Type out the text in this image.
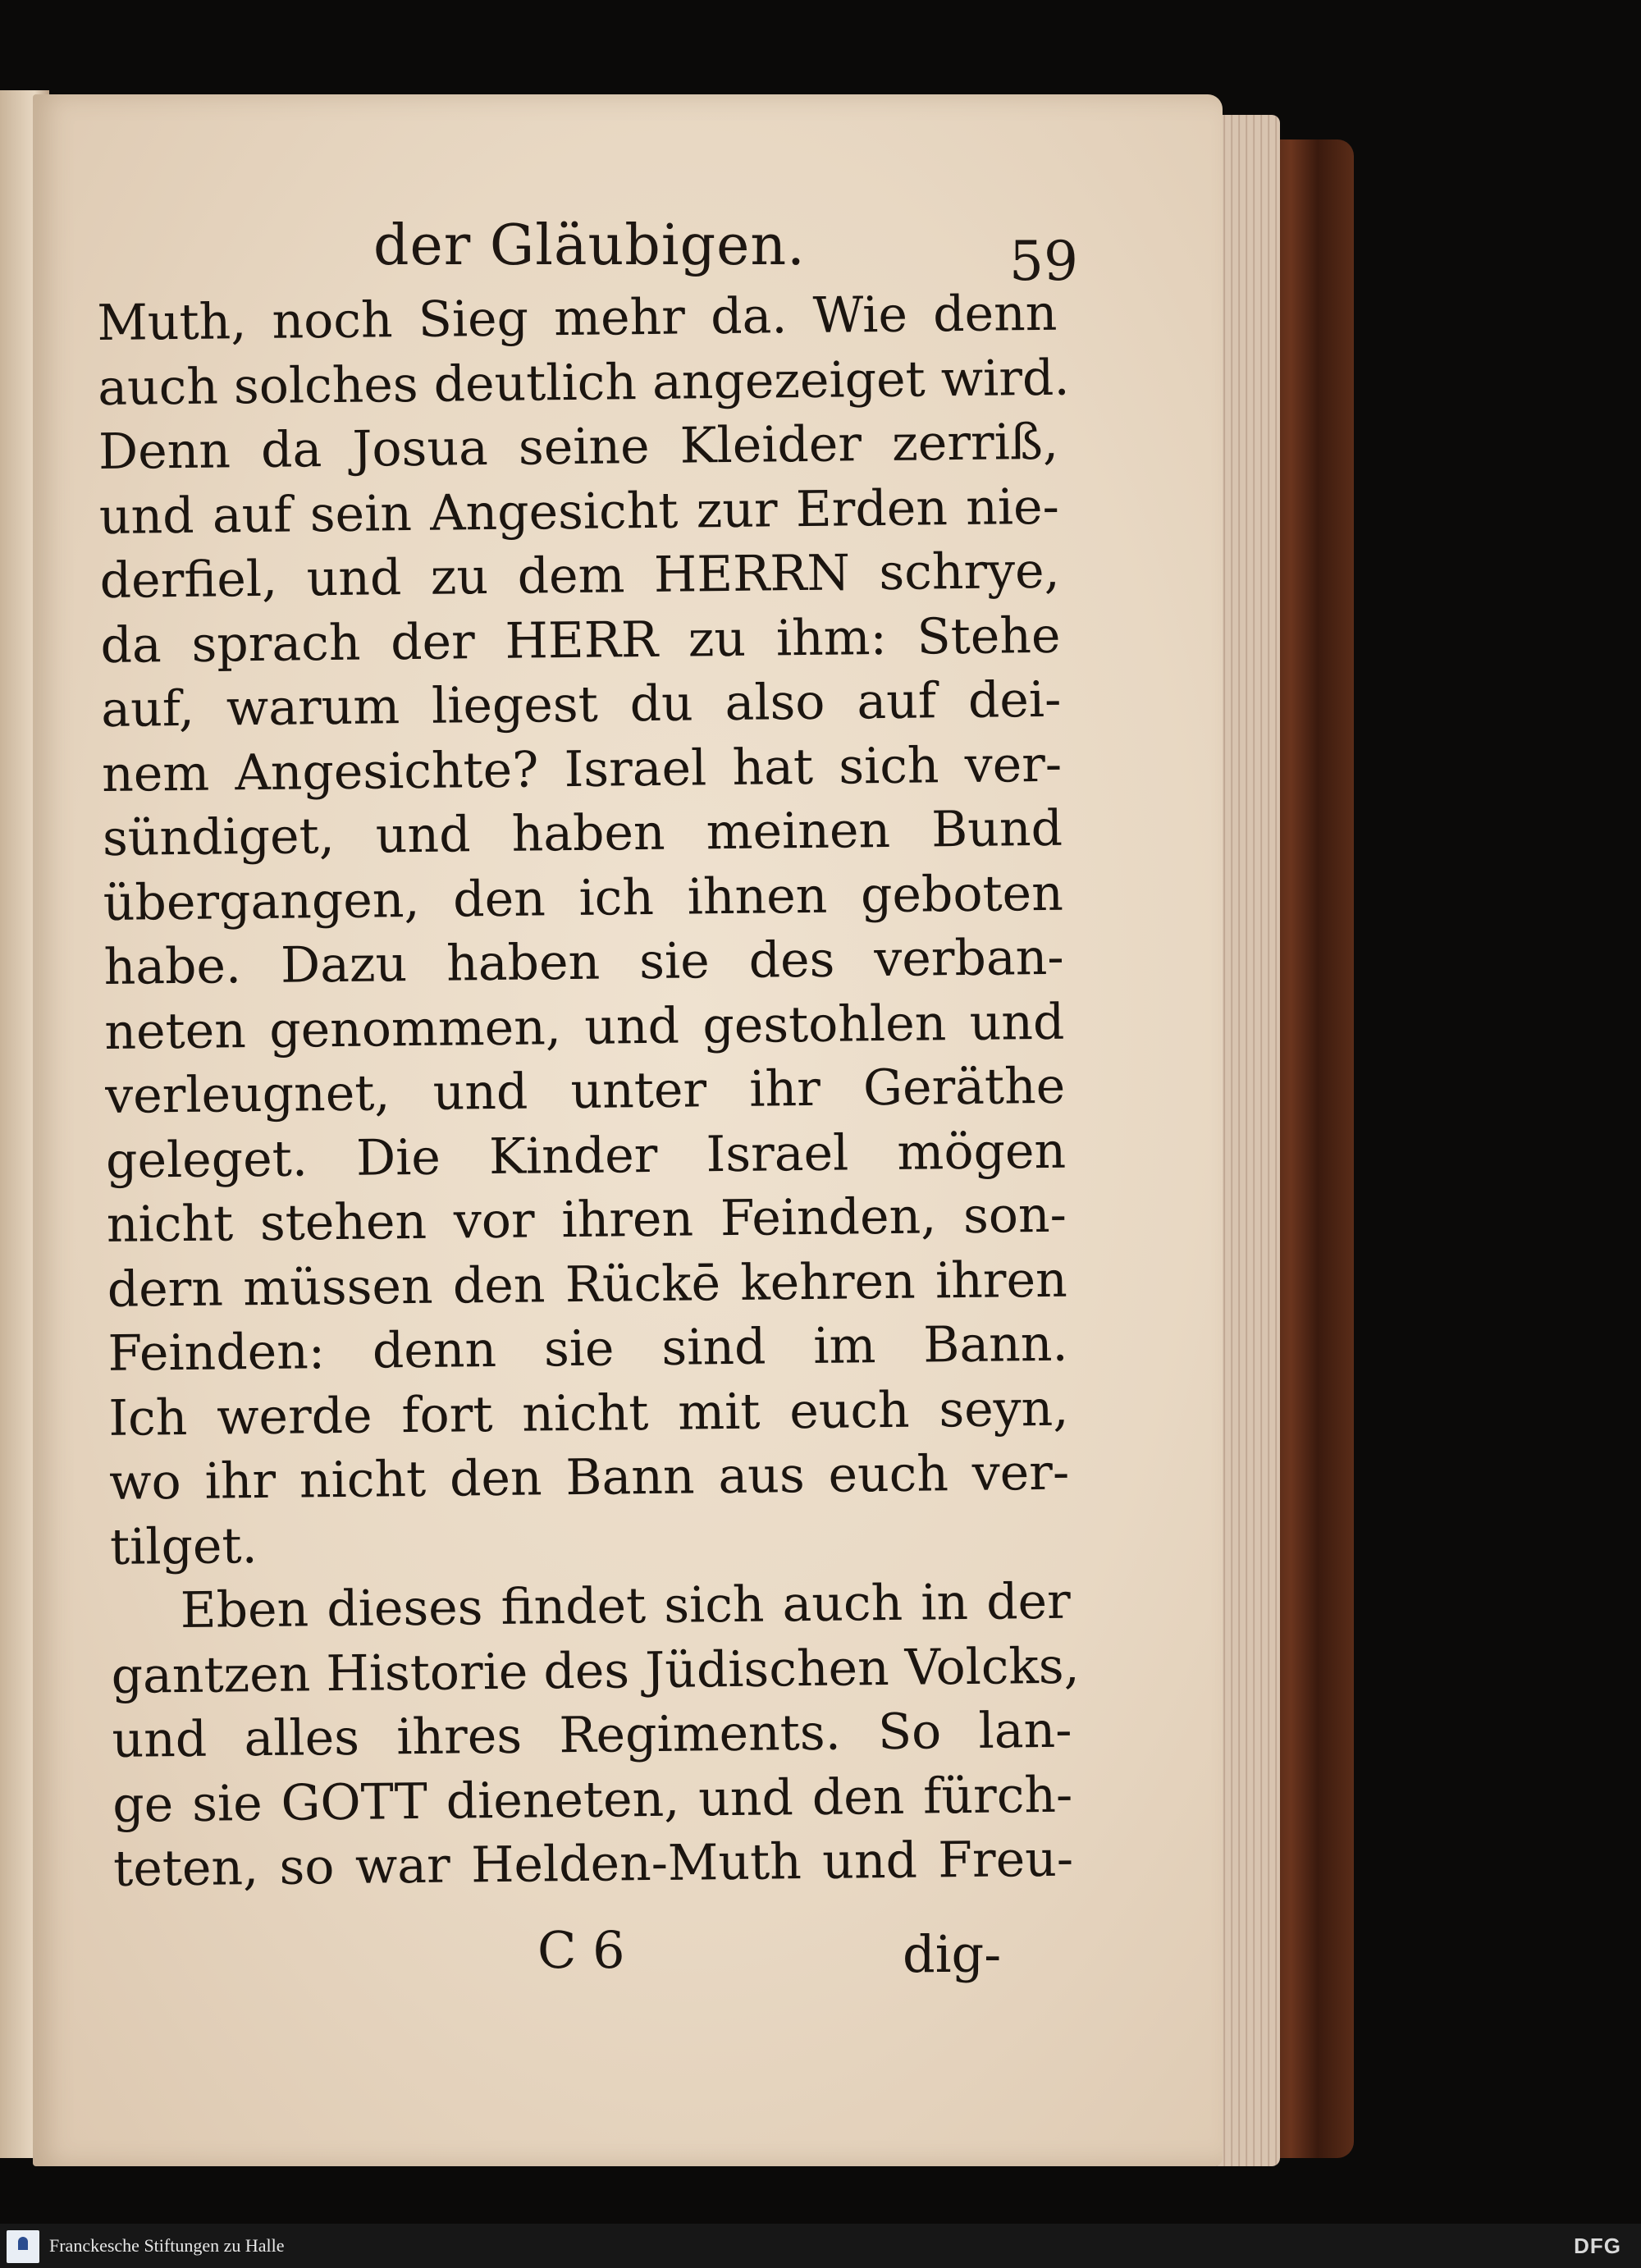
der Gläubigen.	59
Muth, noch Sieg mehr da. Wie denn
auch solches deutlich angezeiget wird.
Denn da Josua seine Kleider zerriß,
und auf sein Angesicht zur Erden nie-
derfiel, und zu dem HERRN schrye,
da sprach der HERR zu ihm: Stehe
auf, warum liegest du also auf dei-
nem Angesichte? Israel hat sich ver-
sündiget, und haben meinen Bund
übergangen, den ich ihnen geboten
habe. Dazu haben sie des verban-
neten genommen, und gestohlen und
verleugnet, und unter ihr Geräthe
geleget. Die Kinder Israel mögen
nicht stehen vor ihren Feinden, son-
dern müssen den Rückē kehren ihren
Feinden: denn sie sind im Bann.
Ich werde fort nicht mit euch seyn,
wo ihr nicht den Bann aus euch ver-
tilget.
Eben dieses findet sich auch in der
gantzen Historie des Jüdischen Volcks,
und alles ihres Regiments. So lan-
ge sie GOTT dieneten, und den fürch-
teten, so war Helden-Muth und Freu-
C 6	dig-
Franckesche Stiftungen zu Halle	DFG
